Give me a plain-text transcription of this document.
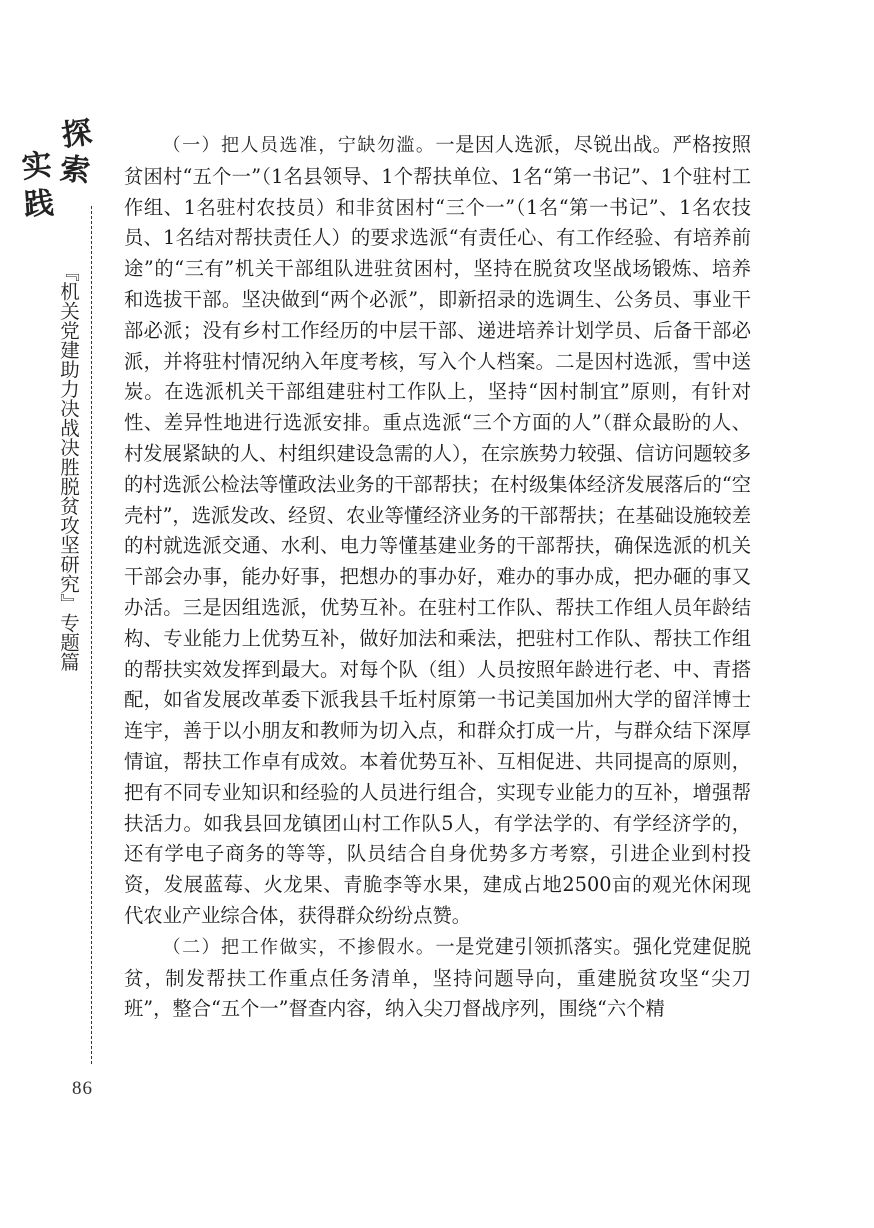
探
实 索
践
『机关党建助力决战决胜脱贫攻坚研究』专题篇
86

（一）把人员选准，宁缺勿滥。一是因人选派，尽锐出战。严格按照贫困村“五个一”（1名县领导、1个帮扶单位、1名“第一书记”、1个驻村工作组、1名驻村农技员）和非贫困村“三个一”（1名“第一书记”、1名农技员、1名结对帮扶责任人）的要求选派“有责任心、有工作经验、有培养前途”的“三有”机关干部组队进驻贫困村，坚持在脱贫攻坚战场锻炼、培养和选拔干部。坚决做到“两个必派”，即新招录的选调生、公务员、事业干部必派；没有乡村工作经历的中层干部、递进培养计划学员、后备干部必派，并将驻村情况纳入年度考核，写入个人档案。二是因村选派，雪中送炭。在选派机关干部组建驻村工作队上，坚持“因村制宜”原则，有针对性、差异性地进行选派安排。重点选派“三个方面的人”（群众最盼的人、村发展紧缺的人、村组织建设急需的人），在宗族势力较强、信访问题较多的村选派公检法等懂政法业务的干部帮扶；在村级集体经济发展落后的“空壳村”，选派发改、经贸、农业等懂经济业务的干部帮扶；在基础设施较差的村就选派交通、水利、电力等懂基建业务的干部帮扶，确保选派的机关干部会办事，能办好事，把想办的事办好，难办的事办成，把办砸的事又办活。三是因组选派，优势互补。在驻村工作队、帮扶工作组人员年龄结构、专业能力上优势互补，做好加法和乘法，把驻村工作队、帮扶工作组的帮扶实效发挥到最大。对每个队（组）人员按照年龄进行老、中、青搭配，如省发展改革委下派我县千坵村原第一书记美国加州大学的留洋博士连宇，善于以小朋友和教师为切入点，和群众打成一片，与群众结下深厚情谊，帮扶工作卓有成效。本着优势互补、互相促进、共同提高的原则，把有不同专业知识和经验的人员进行组合，实现专业能力的互补，增强帮扶活力。如我县回龙镇团山村工作队5人，有学法学的、有学经济学的，还有学电子商务的等等，队员结合自身优势多方考察，引进企业到村投资，发展蓝莓、火龙果、青脆李等水果，建成占地2500亩的观光休闲现代农业产业综合体，获得群众纷纷点赞。

（二）把工作做实，不掺假水。一是党建引领抓落实。强化党建促脱贫，制发帮扶工作重点任务清单，坚持问题导向，重建脱贫攻坚“尖刀班”，整合“五个一”督查内容，纳入尖刀督战序列，围绕“六个精
